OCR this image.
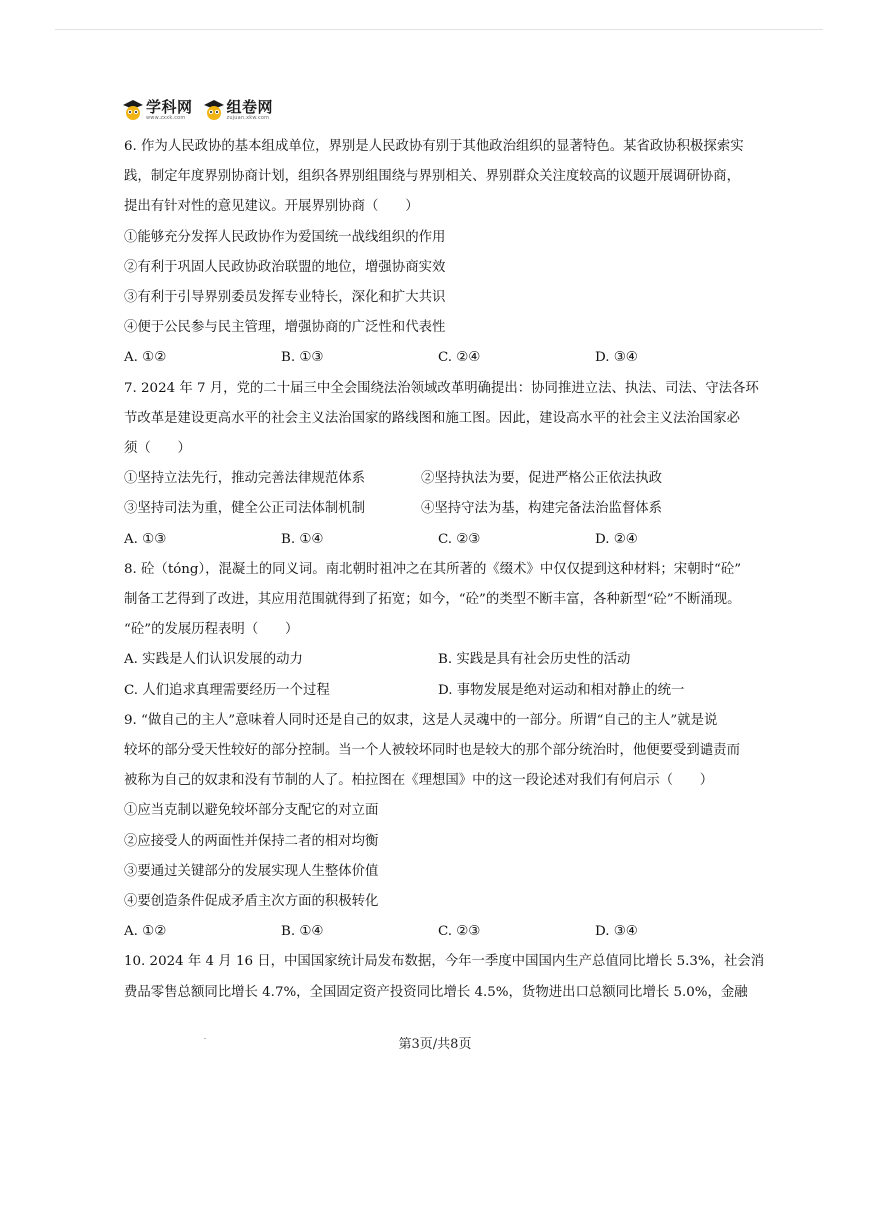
学科网
www.zxxk.com
组卷网
zujuan.xkw.com

6. 作为人民政协的基本组成单位，界别是人民政协有别于其他政治组织的显著特色。某省政协积极探索实

践，制定年度界别协商计划，组织各界别组围绕与界别相关、界别群众关注度较高的议题开展调研协商，

提出有针对性的意见建议。开展界别协商（　　）

①能够充分发挥人民政协作为爱国统一战线组织的作用

②有利于巩固人民政协政治联盟的地位，增强协商实效

③有利于引导界别委员发挥专业特长，深化和扩大共识

④便于公民参与民主管理，增强协商的广泛性和代表性

A. ①②	B. ①③	C. ②④	D. ③④

7. 2024 年 7 月，党的二十届三中全会围绕法治领域改革明确提出：协同推进立法、执法、司法、守法各环

节改革是建设更高水平的社会主义法治国家的路线图和施工图。因此，建设高水平的社会主义法治国家必

须（　　）

①坚持立法先行，推动完善法律规范体系	②坚持执法为要，促进严格公正依法执政
③坚持司法为重，健全公正司法体制机制	④坚持守法为基，构建完备法治监督体系
A. ①③	B. ①④	C. ②③	D. ②④

8. 砼（tóng），混凝土的同义词。南北朝时祖冲之在其所著的《缀术》中仅仅提到这种材料；宋朝时“砼”

制备工艺得到了改进，其应用范围就得到了拓宽；如今，“砼”的类型不断丰富，各种新型“砼”不断涌现。

“砼”的发展历程表明（　　）

A. 实践是人们认识发展的动力	B. 实践是具有社会历史性的活动
C. 人们追求真理需要经历一个过程	D. 事物发展是绝对运动和相对静止的统一

9. “做自己的主人”意味着人同时还是自己的奴隶，这是人灵魂中的一部分。所谓“自己的主人”就是说

较坏的部分受天性较好的部分控制。当一个人被较坏同时也是较大的那个部分统治时，他便要受到谴责而

被称为自己的奴隶和没有节制的人了。柏拉图在《理想国》中的这一段论述对我们有何启示（　　）

①应当克制以避免较坏部分支配它的对立面

②应接受人的两面性并保持二者的相对均衡

③要通过关键部分的发展实现人生整体价值

④要创造条件促成矛盾主次方面的积极转化

A. ①②	B. ①④	C. ②③	D. ③④

10. 2024 年 4 月 16 日，中国国家统计局发布数据，今年一季度中国国内生产总值同比增长 5.3%，社会消

费品零售总额同比增长 4.7%，全国固定资产投资同比增长 4.5%，货物进出口总额同比增长 5.0%，金融

第3页/共8页
